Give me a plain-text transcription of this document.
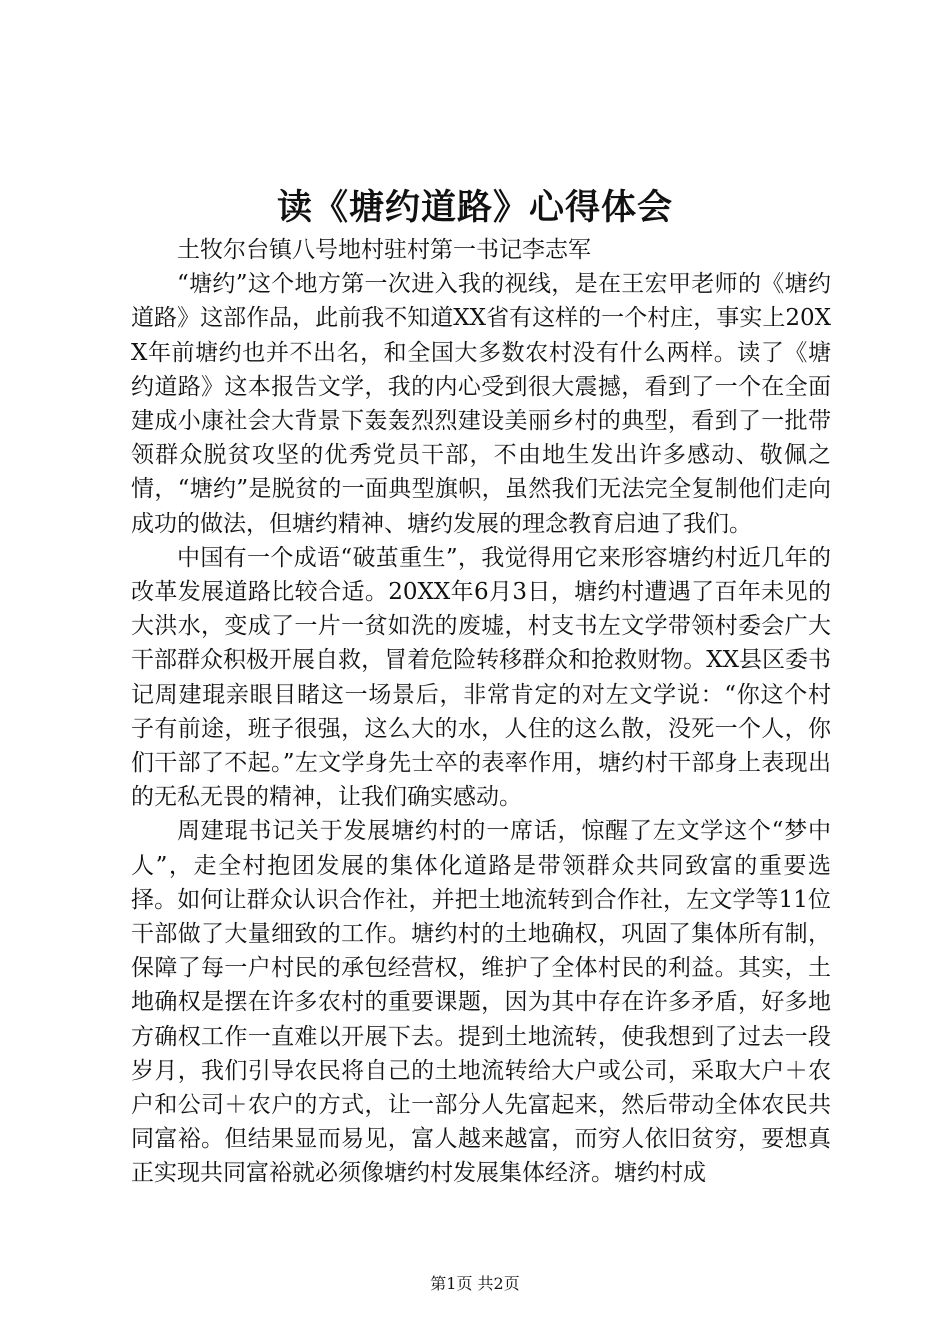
读《塘约道路》心得体会

土牧尔台镇八号地村驻村第一书记李志军

“塘约”这个地方第一次进入我的视线，是在王宏甲老师的《塘约道路》这部作品，此前我不知道XX省有这样的一个村庄，事实上20XX年前塘约也并不出名，和全国大多数农村没有什么两样。读了《塘约道路》这本报告文学，我的内心受到很大震撼，看到了一个在全面建成小康社会大背景下轰轰烈烈建设美丽乡村的典型，看到了一批带领群众脱贫攻坚的优秀党员干部，不由地生发出许多感动、敬佩之情，“塘约”是脱贫的一面典型旗帜，虽然我们无法完全复制他们走向成功的做法，但塘约精神、塘约发展的理念教育启迪了我们。

中国有一个成语“破茧重生”，我觉得用它来形容塘约村近几年的改革发展道路比较合适。20XX年6月3日，塘约村遭遇了百年未见的大洪水，变成了一片一贫如洗的废墟，村支书左文学带领村委会广大干部群众积极开展自救，冒着危险转移群众和抢救财物。XX县区委书记周建琨亲眼目睹这一场景后，非常肯定的对左文学说：“你这个村子有前途，班子很强，这么大的水，人住的这么散，没死一个人，你们干部了不起。”左文学身先士卒的表率作用，塘约村干部身上表现出的无私无畏的精神，让我们确实感动。

周建琨书记关于发展塘约村的一席话，惊醒了左文学这个“梦中人”，走全村抱团发展的集体化道路是带领群众共同致富的重要选择。如何让群众认识合作社，并把土地流转到合作社，左文学等11位干部做了大量细致的工作。塘约村的土地确权，巩固了集体所有制，保障了每一户村民的承包经营权，维护了全体村民的利益。其实，土地确权是摆在许多农村的重要课题，因为其中存在许多矛盾，好多地方确权工作一直难以开展下去。提到土地流转，使我想到了过去一段岁月，我们引导农民将自己的土地流转给大户或公司，采取大户＋农户和公司＋农户的方式，让一部分人先富起来，然后带动全体农民共同富裕。但结果显而易见，富人越来越富，而穷人依旧贫穷，要想真正实现共同富裕就必须像塘约村发展集体经济。塘约村成

第1页 共2页
